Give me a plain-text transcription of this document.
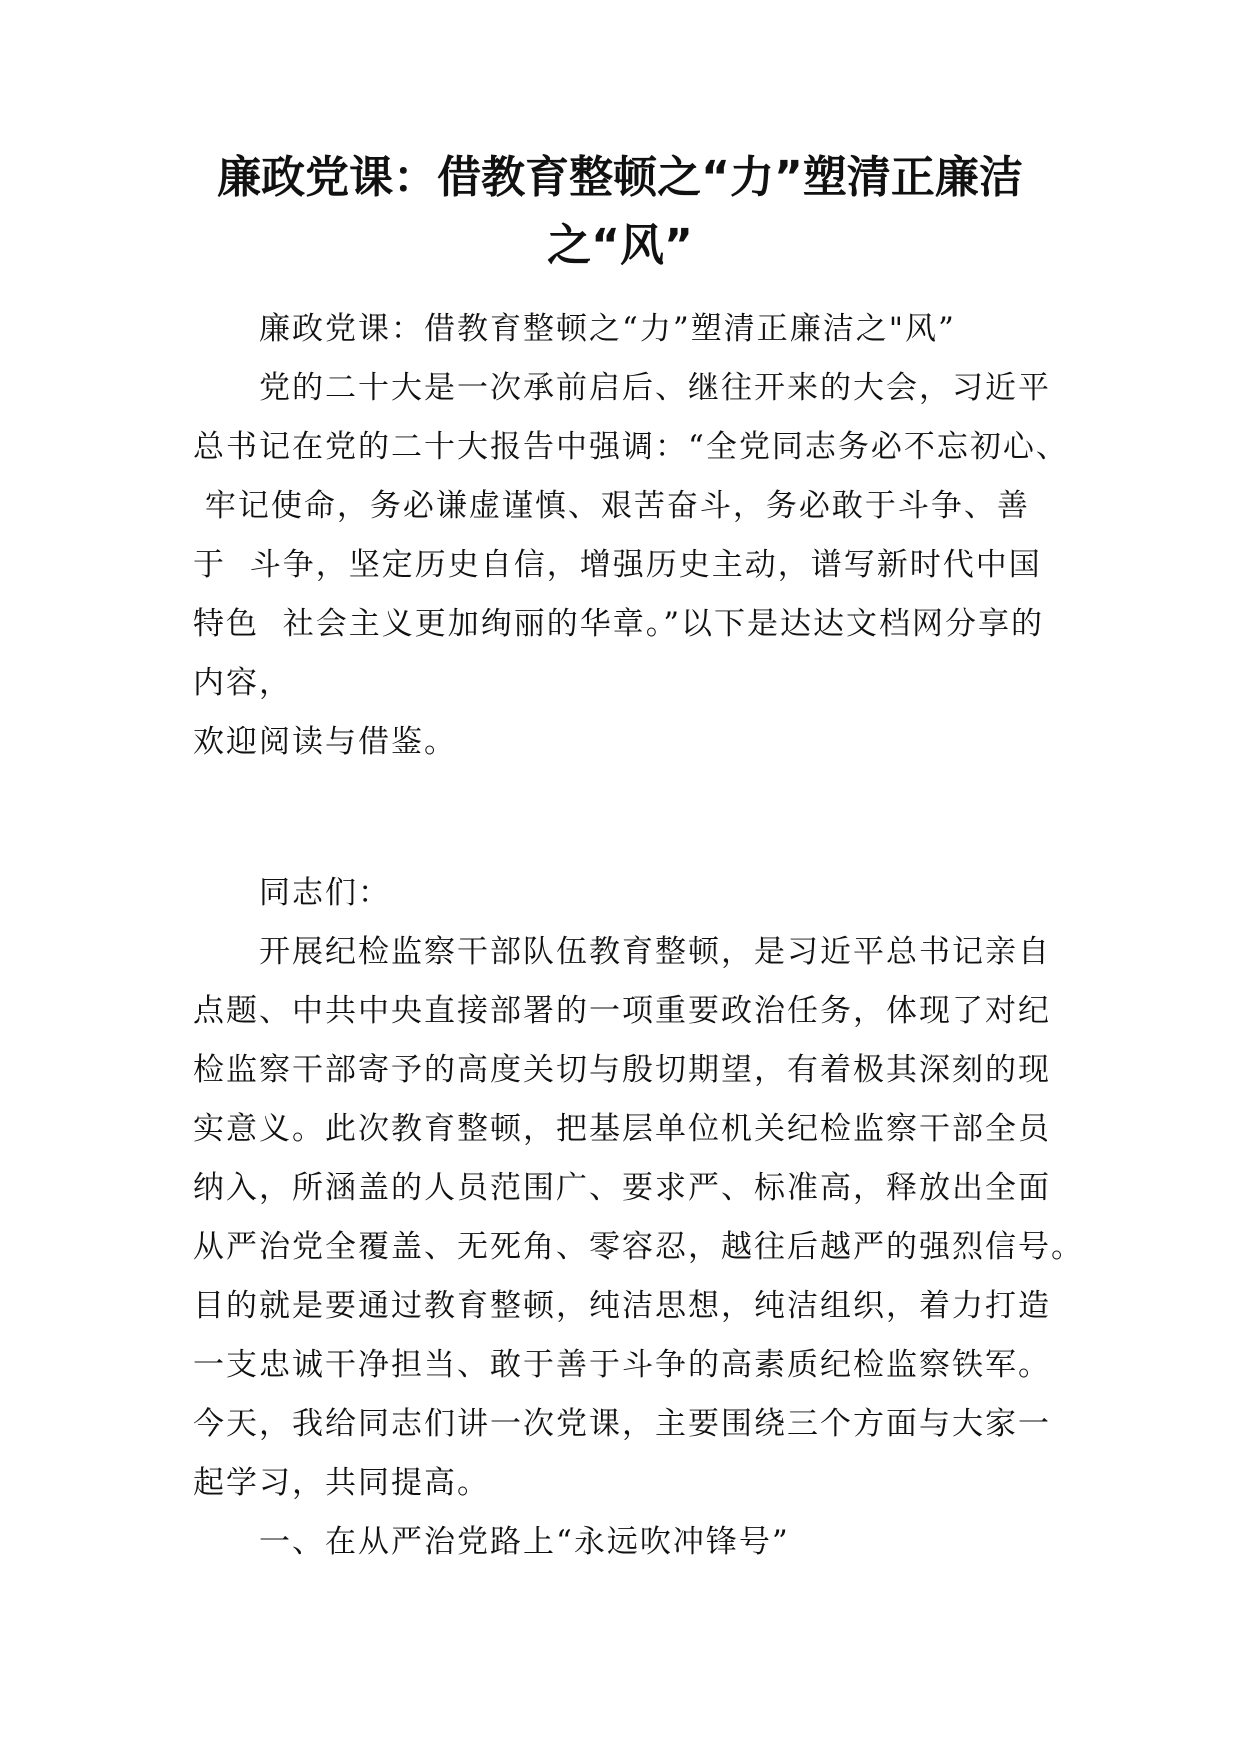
廉政党课：借教育整顿之“力”塑清正廉洁
之“风”

廉政党课：借教育整顿之“力”塑清正廉洁之"风”

党的二十大是一次承前启后、继往开来的大会，习近平

总书记在党的二十大报告中强调：“全党同志务必不忘初心、

牢记使命，务必谦虚谨慎、艰苦奋斗，务必敢于斗争、善

于  斗争，坚定历史自信，增强历史主动，谱写新时代中国

特色  社会主义更加绚丽的华章。”以下是达达文档网分享的

内容，

欢迎阅读与借鉴。

同志们：

开展纪检监察干部队伍教育整顿，是习近平总书记亲自

点题、中共中央直接部署的一项重要政治任务，体现了对纪

检监察干部寄予的高度关切与殷切期望，有着极其深刻的现

实意义。此次教育整顿，把基层单位机关纪检监察干部全员

纳入，所涵盖的人员范围广、要求严、标准高，释放出全面

从严治党全覆盖、无死角、零容忍，越往后越严的强烈信号。

目的就是要通过教育整顿，纯洁思想，纯洁组织，着力打造

一支忠诚干净担当、敢于善于斗争的高素质纪检监察铁军。

今天，我给同志们讲一次党课，主要围绕三个方面与大家一

起学习，共同提高。

一、在从严治党路上“永远吹冲锋号”
